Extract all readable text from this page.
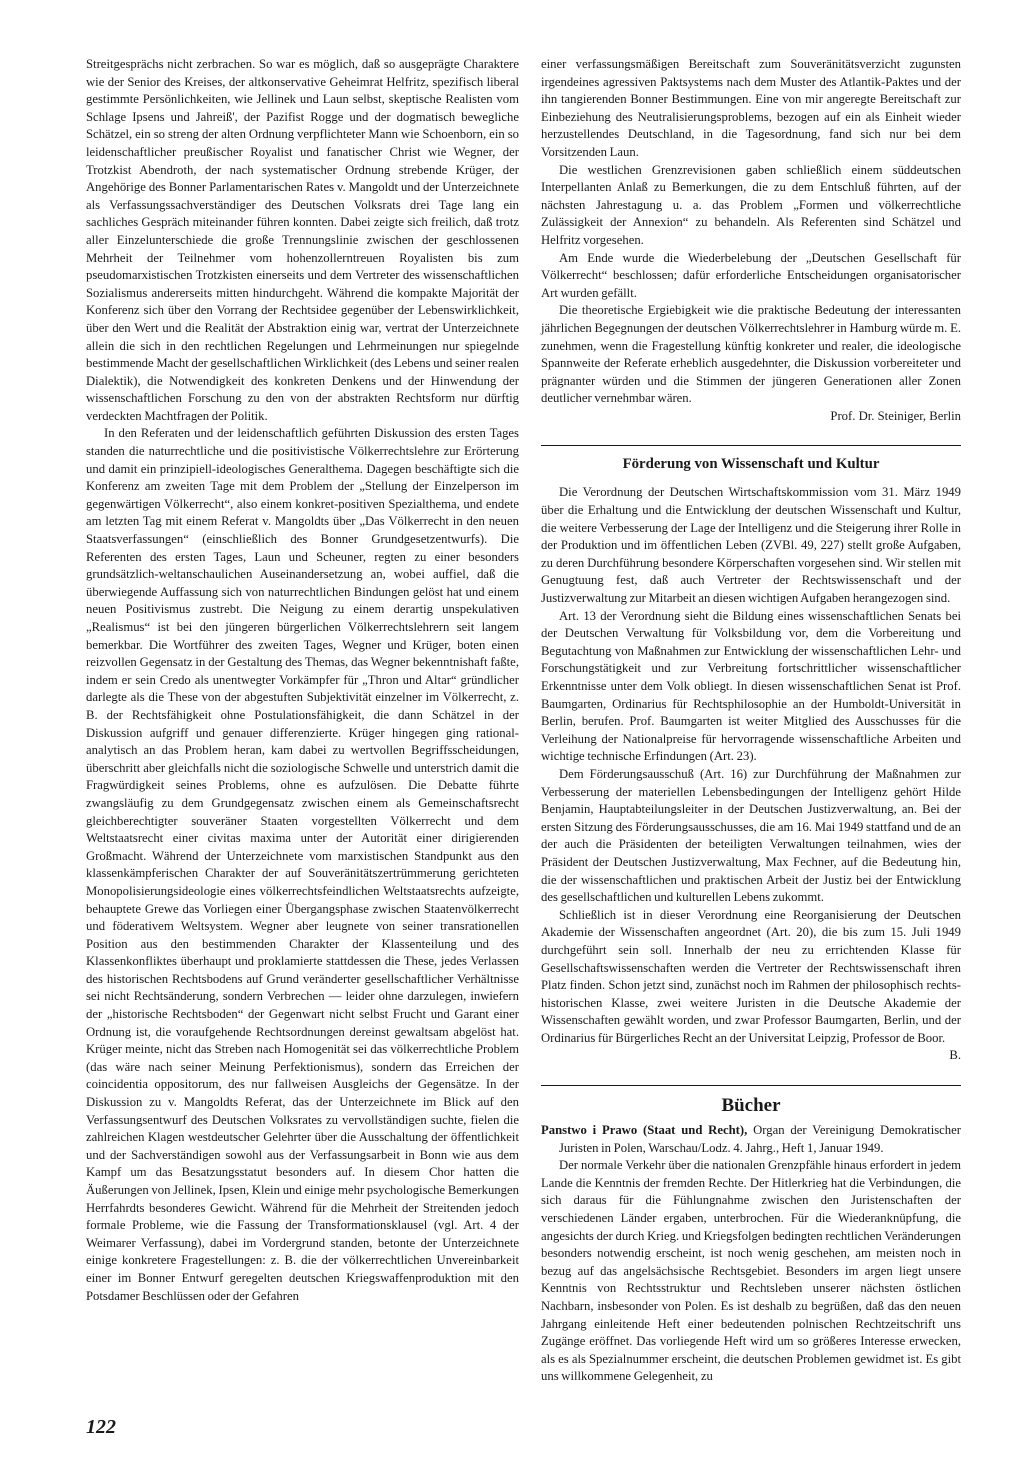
Streitgesprächs nicht zerbrachen. So war es möglich, daß so ausgeprägte Charaktere wie der Senior des Kreises, der altkonservative Geheimrat Helfritz, spezifisch liberal gestimmte Persönlichkeiten, wie Jellinek und Laun selbst, skeptische Realisten vom Schlage Ipsens und Jahreiß', der Pazifist Rogge und der dogmatisch bewegliche Schätzel, ein so streng der alten Ordnung verpflichteter Mann wie Schoenborn, ein so leidenschaftlicher preußischer Royalist und fanatischer Christ wie Wegner, der Trotzkist Abendroth, der nach systematischer Ordnung strebende Krüger, der Angehörige des Bonner Parlamentarischen Rates v. Mangoldt und der Unterzeichnete als Verfassungssachverständiger des Deutschen Volksrats drei Tage lang ein sachliches Gespräch miteinander führen konnten. Dabei zeigte sich freilich, daß trotz aller Einzelunterschiede die große Trennungslinie zwischen der geschlossenen Mehrheit der Teilnehmer vom hohenzollerntreuen Royalisten bis zum pseudomarxistischen Trotzkisten einerseits und dem Vertreter des wissenschaftlichen Sozialismus andererseits mitten hindurchgeht. Während die kompakte Majorität der Konferenz sich über den Vorrang der Rechtsidee gegenüber der Lebenswirklichkeit, über den Wert und die Realität der Abstraktion einig war, vertrat der Unterzeichnete allein die sich in den rechtlichen Regelungen und Lehrmeinungen nur spiegelnde bestimmende Macht der gesellschaftlichen Wirklichkeit (des Lebens und seiner realen Dialektik), die Notwendigkeit des konkreten Denkens und der Hinwendung der wissenschaftlichen Forschung zu den von der abstrakten Rechtsform nur dürftig verdeckten Machtfragen der Politik.

In den Referaten und der leidenschaftlich geführten Diskussion des ersten Tages standen die naturrechtliche und die positivistische Völkerrechtslehre zur Erörterung und damit ein prinzipiell-ideologisches Generalthema. Dagegen beschäftigte sich die Konferenz am zweiten Tage mit dem Problem der „Stellung der Einzelperson im gegenwärtigen Völkerrecht“, also einem konkret-positiven Spezialthema, und endete am letzten Tag mit einem Referat v. Mangoldts über „Das Völkerrecht in den neuen Staatsverfassungen“ (einschließlich des Bonner Grundgesetzentwurfs). Die Referenten des ersten Tages, Laun und Scheuner, regten zu einer besonders grundsätzlich-weltanschaulichen Auseinandersetzung an, wobei auffiel, daß die überwiegende Auffassung sich von naturrechtlichen Bindungen gelöst hat und einem neuen Positivismus zustrebt. Die Neigung zu einem derartig unspekulativen „Realismus“ ist bei den jüngeren bürgerlichen Völkerrechtslehrern seit langem bemerkbar. Die Wortführer des zweiten Tages, Wegner und Krüger, boten einen reizvollen Gegensatz in der Gestaltung des Themas, das Wegner bekenntnishaft faßte, indem er sein Credo als unentwegter Vorkämpfer für „Thron und Altar“ gründlicher darlegte als die These von der abgestuften Subjektivität einzelner im Völkerrecht, z. B. der Rechtsfähigkeit ohne Postulationsfähigkeit, die dann Schätzel in der Diskussion aufgriff und genauer differenzierte. Krüger hingegen ging rational-analytisch an das Problem heran, kam dabei zu wertvollen Begriffsscheidungen, überschritt aber gleichfalls nicht die soziologische Schwelle und unterstrich damit die Fragwürdigkeit seines Problems, ohne es aufzulösen. Die Debatte führte zwangsläufig zu dem Grundgegensatz zwischen einem als Gemeinschaftsrecht gleichberechtigter souveräner Staaten vorgestellten Völkerrecht und dem Weltstaatsrecht einer civitas maxima unter der Autorität einer dirigierenden Großmacht. Während der Unterzeichnete vom marxistischen Standpunkt aus den klassenkämpferischen Charakter der auf Souveränitätszertrümmerung gerichteten Monopolisierungsideologie eines völkerrechtsfeindlichen Weltstaatsrechts aufzeigte, behauptete Grewe das Vorliegen einer Übergangsphase zwischen Staatenvölkerrecht und föderativem Weltsystem. Wegner aber leugnete von seiner transrationellen Position aus den bestimmenden Charakter der Klassenteilung und des Klassenkonfliktes überhaupt und proklamierte stattdessen die These, jedes Verlassen des historischen Rechtsbodens auf Grund veränderter gesellschaftlicher Verhältnisse sei nicht Rechtsänderung, sondern Verbrechen — leider ohne darzulegen, inwiefern der „historische Rechtsboden“ der Gegenwart nicht selbst Frucht und Garant einer Ordnung ist, die voraufgehende Rechtsordnungen dereinst gewaltsam abgelöst hat. Krüger meinte, nicht das Streben nach Homogenität sei das völkerrechtliche Problem (das wäre nach seiner Meinung Perfektionismus), sondern das Erreichen der coincidentia oppositorum, des nur fallweisen Ausgleichs der Gegensätze. In der Diskussion zu v. Mangoldts Referat, das der Unterzeichnete im Blick auf den Verfassungsentwurf des Deutschen Volksrates zu vervollständigen suchte, fielen die zahlreichen Klagen westdeutscher Gelehrter über die Ausschaltung der öffentlichkeit und der Sachverständigen sowohl aus der Verfassungsarbeit in Bonn wie aus dem Kampf um das Besatzungsstatut besonders auf. In diesem Chor hatten die Äußerungen von Jellinek, Ipsen, Klein und einige mehr psychologische Bemerkungen Herrfahrdts besonderes Gewicht. Während für die Mehrheit der Streitenden jedoch formale Probleme, wie die Fassung der Transformationsklausel (vgl. Art. 4 der Weimarer Verfassung), dabei im Vordergrund standen, betonte der Unterzeichnete einige konkretere Fragestellungen: z. B. die der völkerrechtlichen Unvereinbarkeit einer im Bonner Entwurf geregelten deutschen Kriegswaffenproduktion mit den Potsdamer Beschlüssen oder der Gefahren

einer verfassungsmäßigen Bereitschaft zum Souveränitätsverzicht zugunsten irgendeines agressiven Paktsystems nach dem Muster des Atlantik-Paktes und der ihn tangierenden Bonner Bestimmungen. Eine von mir angeregte Bereitschaft zur Einbeziehung des Neutralisierungsproblems, bezogen auf ein als Einheit wieder herzustellendes Deutschland, in die Tagesordnung, fand sich nur bei dem Vorsitzenden Laun.

Die westlichen Grenzrevisionen gaben schließlich einem süddeutschen Interpellanten Anlaß zu Bemerkungen, die zu dem Entschluß führten, auf der nächsten Jahrestagung u. a. das Problem „Formen und völkerrechtliche Zulässigkeit der Annexion“ zu behandeln. Als Referenten sind Schätzel und Helfritz vorgesehen.

Am Ende wurde die Wiederbelebung der „Deutschen Gesellschaft für Völkerrecht“ beschlossen; dafür erforderliche Entscheidungen organisatorischer Art wurden gefällt.

Die theoretische Ergiebigkeit wie die praktische Bedeutung der interessanten jährlichen Begegnungen der deutschen Völkerrechtslehrer in Hamburg würde m. E. zunehmen, wenn die Fragestellung künftig konkreter und realer, die ideologische Spannweite der Referate erheblich ausgedehnter, die Diskussion vorbereiteter und prägnanter würden und die Stimmen der jüngeren Generationen aller Zonen deutlicher vernehmbar wären.

Prof. Dr. Steiniger, Berlin

Förderung von Wissenschaft und Kultur

Die Verordnung der Deutschen Wirtschaftskommission vom 31. März 1949 über die Erhaltung und die Entwicklung der deutschen Wissenschaft und Kultur, die weitere Verbesserung der Lage der Intelligenz und die Steigerung ihrer Rolle in der Produktion und im öffentlichen Leben (ZVBl. 49, 227) stellt große Aufgaben, zu deren Durchführung besondere Körperschaften vorgesehen sind. Wir stellen mit Genugtuung fest, daß auch Vertreter der Rechtswissenschaft und der Justizverwaltung zur Mitarbeit an diesen wichtigen Aufgaben herangezogen sind.

Art. 13 der Verordnung sieht die Bildung eines wissenschaftlichen Senats bei der Deutschen Verwaltung für Volksbildung vor, dem die Vorbereitung und Begutachtung von Maßnahmen zur Entwicklung der wissenschaftlichen Lehr- und Forschungstätigkeit und zur Verbreitung fortschrittlicher wissenschaftlicher Erkenntnisse unter dem Volk obliegt. In diesen wissenschaftlichen Senat ist Prof. Baumgarten, Ordinarius für Rechtsphilosophie an der Humboldt-Universität in Berlin, berufen. Prof. Baumgarten ist weiter Mitglied des Ausschusses für die Verleihung der Nationalpreise für hervorragende wissenschaftliche Arbeiten und wichtige technische Erfindungen (Art. 23).

Dem Förderungsausschuß (Art. 16) zur Durchführung der Maßnahmen zur Verbesserung der materiellen Lebensbedingungen der Intelligenz gehört Hilde Benjamin, Hauptabteilungsleiter in der Deutschen Justizverwaltung, an. Bei der ersten Sitzung des Förderungsausschusses, die am 16. Mai 1949 stattfand und de an der auch die Präsidenten der beteiligten Verwaltungen teilnahmen, wies der Präsident der Deutschen Justizverwaltung, Max Fechner, auf die Bedeutung hin, die der wissenschaftlichen und praktischen Arbeit der Justiz bei der Entwicklung des gesellschaftlichen und kulturellen Lebens zukommt.

Schließlich ist in dieser Verordnung eine Reorganisierung der Deutschen Akademie der Wissenschaften angeordnet (Art. 20), die bis zum 15. Juli 1949 durchgeführt sein soll. Innerhalb der neu zu errichtenden Klasse für Gesellschaftswissenschaften werden die Vertreter der Rechtswissenschaft ihren Platz finden. Schon jetzt sind, zunächst noch im Rahmen der philosophisch rechts-historischen Klasse, zwei weitere Juristen in die Deutsche Akademie der Wissenschaften gewählt worden, und zwar Professor Baumgarten, Berlin, und der Ordinarius für Bürgerliches Recht an der Universitat Leipzig, Professor de Boor.

B.

Bücher

Panstwo i Prawo (Staat und Recht), Organ der Vereinigung Demokratischer Juristen in Polen, Warschau/Lodz. 4. Jahrg., Heft 1, Januar 1949.

Der normale Verkehr über die nationalen Grenzpfähle hinaus erfordert in jedem Lande die Kenntnis der fremden Rechte. Der Hitlerkrieg hat die Verbindungen, die sich daraus für die Fühlungnahme zwischen den Juristenschaften der verschiedenen Länder ergaben, unterbrochen. Für die Wiederanknüpfung, die angesichts der durch Krieg. und Kriegsfolgen bedingten rechtlichen Veränderungen besonders notwendig erscheint, ist noch wenig geschehen, am meisten noch in bezug auf das angelsächsische Rechtsgebiet. Besonders im argen liegt unsere Kenntnis von Rechtsstruktur und Rechtsleben unserer nächsten östlichen Nachbarn, insbesonder von Polen. Es ist deshalb zu begrüßen, daß das den neuen Jahrgang einleitende Heft einer bedeutenden polnischen Rechtzeitschrift uns Zugänge eröffnet. Das vorliegende Heft wird um so größeres Interesse erwecken, als es als Spezialnummer erscheint, die deutschen Problemen gewidmet ist. Es gibt uns willkommene Gelegenheit, zu

122
